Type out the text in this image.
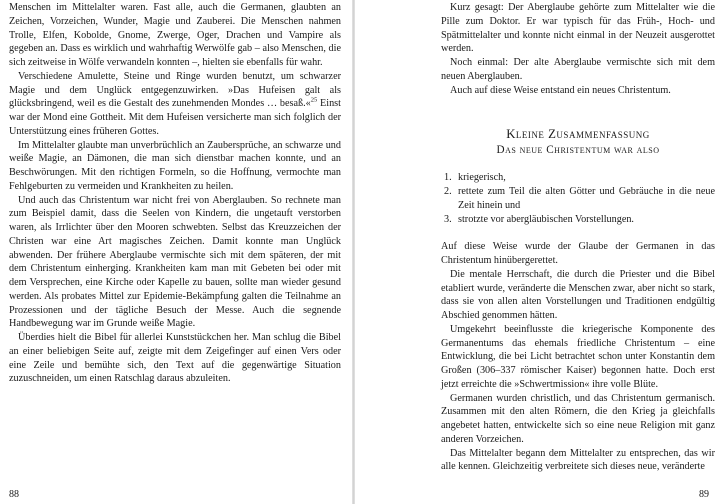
Menschen im Mittelalter waren. Fast alle, auch die Germanen, glaubten an Zeichen, Vorzeichen, Wunder, Magie und Zauberei. Die Menschen nahmen Trolle, Elfen, Kobolde, Gnome, Zwerge, Oger, Drachen und Vampire als gegeben an. Dass es wirklich und wahrhaftig Werwölfe gab – also Menschen, die sich zeitweise in Wölfe verwandeln konnten –, hielten sie ebenfalls für wahr.

Verschiedene Amulette, Steine und Ringe wurden benutzt, um schwarzer Magie und dem Unglück entgegenzuwirken. »Das Hufeisen galt als glücksbringend, weil es die Gestalt des zunehmenden Mondes … besaß.«$^{25}$ Einst war der Mond eine Gottheit. Mit dem Hufeisen versicherte man sich folglich der Unterstützung eines früheren Gottes.

Im Mittelalter glaubte man unverbrüchlich an Zaubersprüche, an schwarze und weiße Magie, an Dämonen, die man sich dienstbar machen konnte, und an Beschwörungen. Mit den richtigen Formeln, so die Hoffnung, vermochte man Fehlgeburten zu vermeiden und Krankheiten zu heilen.

Und auch das Christentum war nicht frei von Aberglauben. So rechnete man zum Beispiel damit, dass die Seelen von Kindern, die ungetauft verstorben waren, als Irrlichter über den Mooren schwebten. Selbst das Kreuzzeichen der Christen war eine Art magisches Zeichen. Damit konnte man Unglück abwenden. Der frühere Aberglaube vermischte sich mit dem späteren, der mit dem Christentum einherging. Krankheiten kam man mit Gebeten bei oder mit dem Versprechen, eine Kirche oder Kapelle zu bauen, sollte man wieder gesund werden. Als probates Mittel zur Epidemie-Bekämpfung galten die Teilnahme an Prozessionen und der tägliche Besuch der Messe. Auch die segnende Handbewegung war im Grunde weiße Magie.

Überdies hielt die Bibel für allerlei Kunststückchen her. Man schlug die Bibel an einer beliebigen Seite auf, zeigte mit dem Zeigefinger auf einen Vers oder eine Zeile und bemühte sich, den Text auf die gegenwärtige Situation zuzuschneiden, um einen Ratschlag daraus abzuleiten.

88

Kurz gesagt: Der Aberglaube gehörte zum Mittelalter wie die Pille zum Doktor. Er war typisch für das Früh-, Hoch- und Spätmittelalter und konnte nicht einmal in der Neuzeit ausgerottet werden.

Noch einmal: Der alte Aberglaube vermischte sich mit dem neuen Aberglauben.

Auch auf diese Weise entstand ein neues Christentum.

Kleine Zusammenfassung
Das neue Christentum war also
1. kriegerisch,
2. rettete zum Teil die alten Götter und Gebräuche in die neue Zeit hinein und
3. strotzte vor abergläubischen Vorstellungen.

Auf diese Weise wurde der Glaube der Germanen in das Christentum hinübergerettet.

Die mentale Herrschaft, die durch die Priester und die Bibel etabliert wurde, veränderte die Menschen zwar, aber nicht so stark, dass sie von allen alten Vorstellungen und Traditionen endgültig Abschied genommen hätten.

Umgekehrt beeinflusste die kriegerische Komponente des Germanentums das ehemals friedliche Christentum – eine Entwicklung, die bei Licht betrachtet schon unter Konstantin dem Großen (306–337 römischer Kaiser) begonnen hatte. Doch erst jetzt erreichte die »Schwertmission« ihre volle Blüte.

Germanen wurden christlich, und das Christentum germanisch. Zusammen mit den alten Römern, die den Krieg ja gleichfalls angebetet hatten, entwickelte sich so eine neue Religion mit ganz anderen Vorzeichen.

Das Mittelalter begann dem Mittelalter zu entsprechen, das wir alle kennen. Gleichzeitig verbreitete sich dieses neue, veränderte

89
